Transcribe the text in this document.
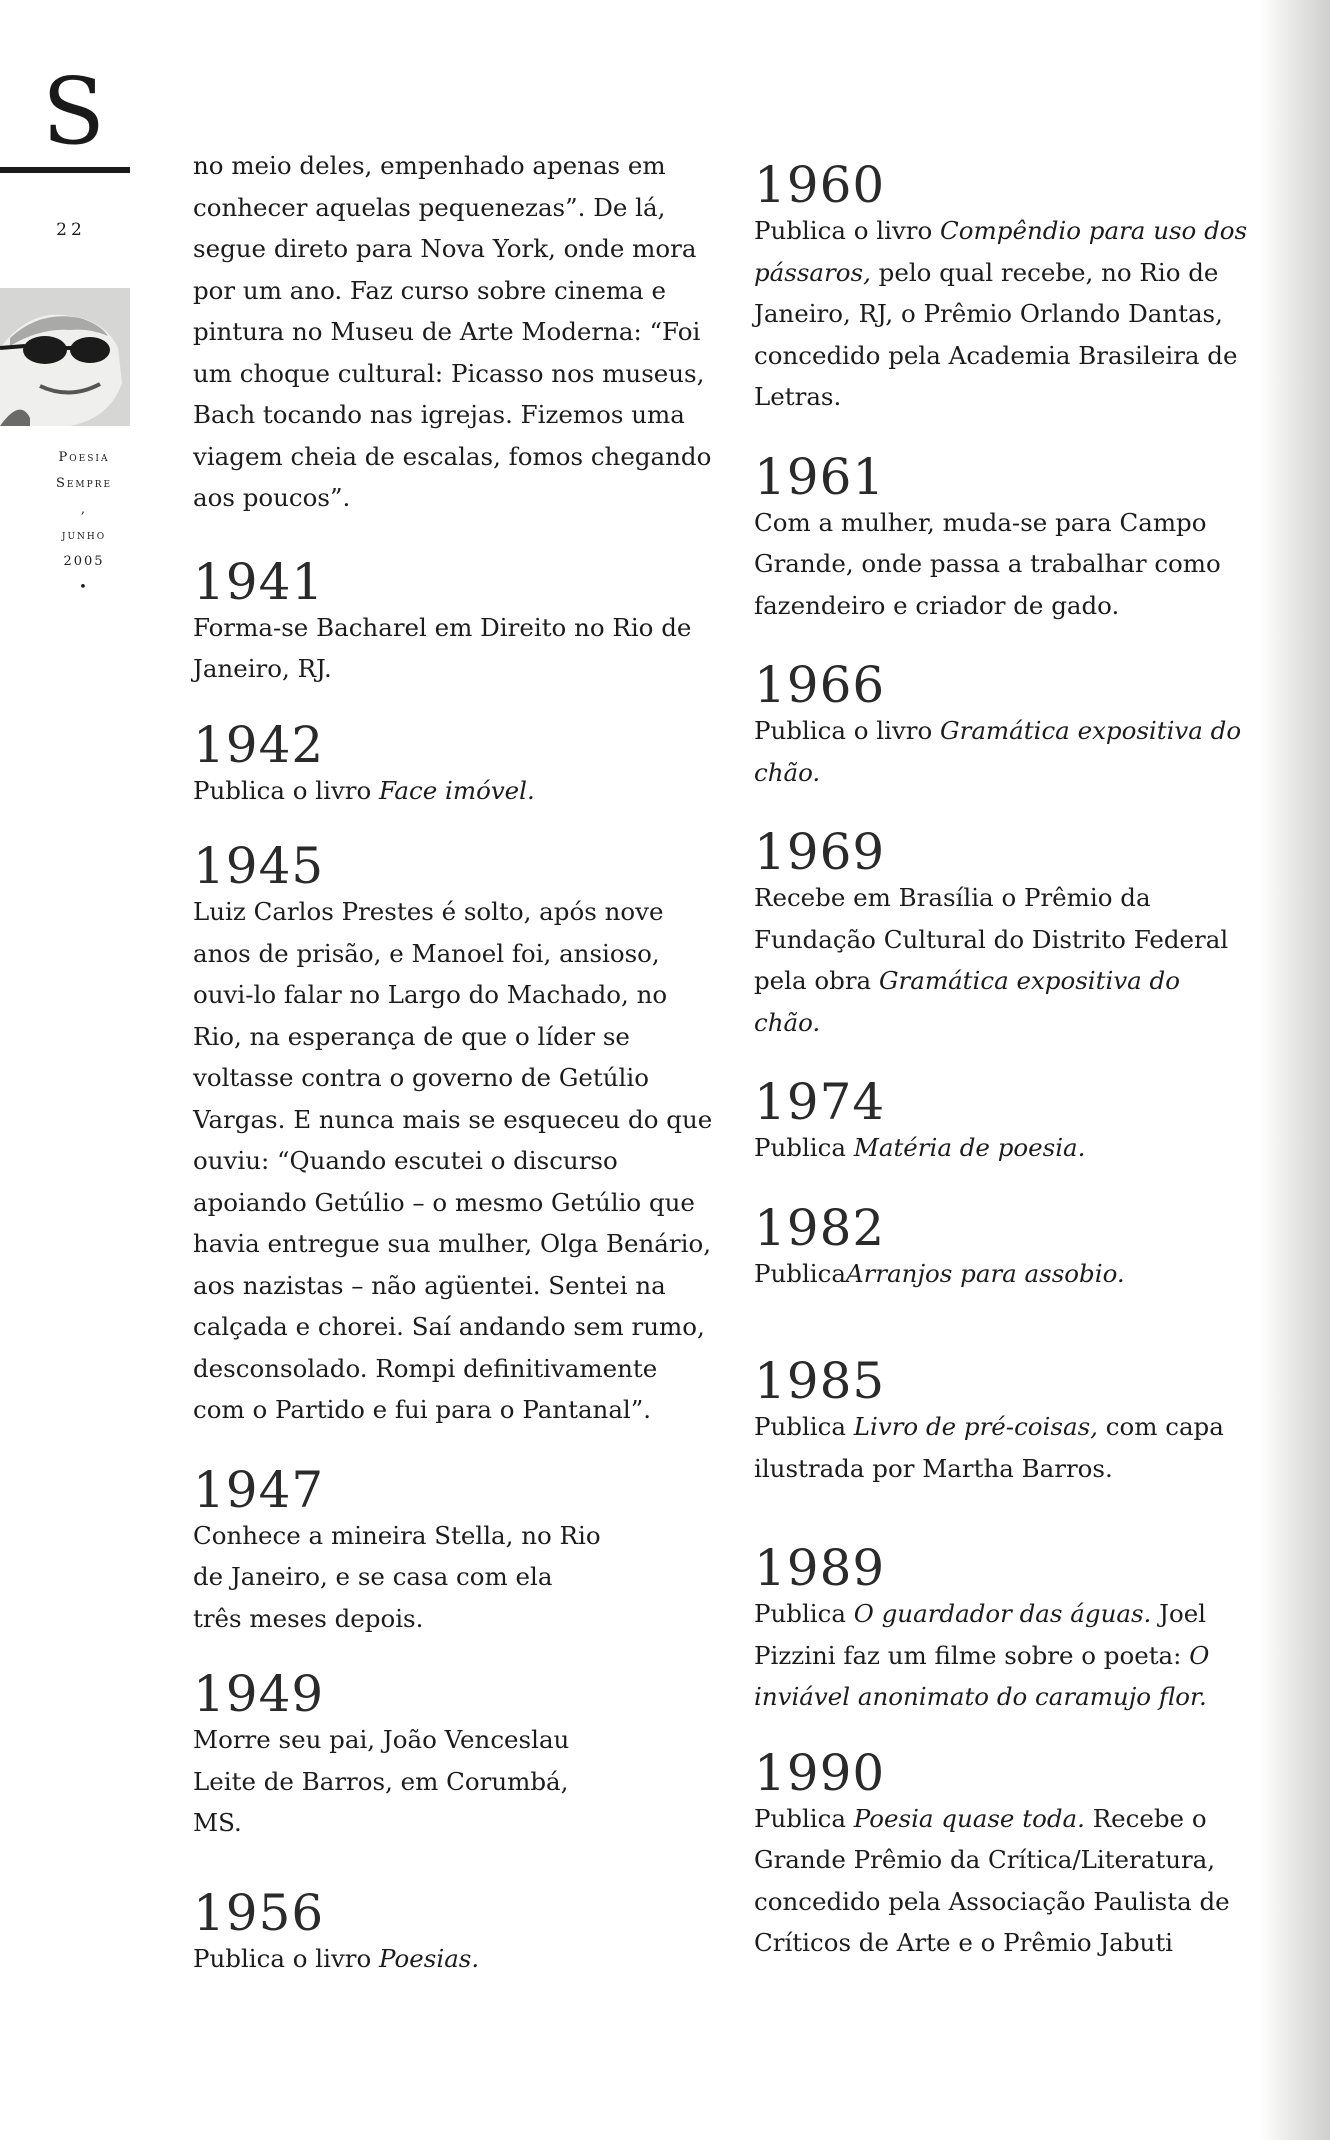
S
22
Poesia
Sempre
,
junho
2005
•

no meio deles, empenhado apenas em conhecer aquelas pequenezas”. De lá, segue direto para Nova York, onde mora por um ano. Faz curso sobre cinema e pintura no Museu de Arte Moderna: “Foi um choque cultural: Picasso nos museus, Bach tocando nas igrejas. Fizemos uma viagem cheia de escalas, fomos chegando aos poucos”.

1941

Forma-se Bacharel em Direito no Rio de Janeiro, RJ.

1942

Publica o livro Face imóvel.

1945

Luiz Carlos Prestes é solto, após nove anos de prisão, e Manoel foi, ansioso, ouvi-lo falar no Largo do Machado, no Rio, na esperança de que o líder se voltasse contra o governo de Getúlio Vargas. E nunca mais se esqueceu do que ouviu: “Quando escutei o discurso apoiando Getúlio – o mesmo Getúlio que havia entregue sua mulher, Olga Benário, aos nazistas – não agüentei. Sentei na calçada e chorei. Saí andando sem rumo, desconsolado. Rompi definitivamente com o Partido e fui para o Pantanal”.

1947

Conhece a mineira Stella, no Rio de Janeiro, e se casa com ela três meses depois.

1949

Morre seu pai, João Venceslau Leite de Barros, em Corumbá, MS.

1956

Publica o livro Poesias.

1960

Publica o livro Compêndio para uso dos pássaros, pelo qual recebe, no Rio de Janeiro, RJ, o Prêmio Orlando Dantas, concedido pela Academia Brasileira de Letras.

1961

Com a mulher, muda-se para Campo Grande, onde passa a trabalhar como fazendeiro e criador de gado.

1966

Publica o livro Gramática expositiva do chão.

1969

Recebe em Brasília o Prêmio da Fundação Cultural do Distrito Federal pela obra Gramática expositiva do chão.

1974

Publica Matéria de poesia.

1982

PublicaArranjos para assobio.

1985

Publica Livro de pré-coisas, com capa ilustrada por Martha Barros.

1989

Publica O guardador das águas. Joel Pizzini faz um filme sobre o poeta: O inviável anonimato do caramujo flor.

1990

Publica Poesia quase toda. Recebe o Grande Prêmio da Crítica/Literatura, concedido pela Associação Paulista de Críticos de Arte e o Prêmio Jabuti
